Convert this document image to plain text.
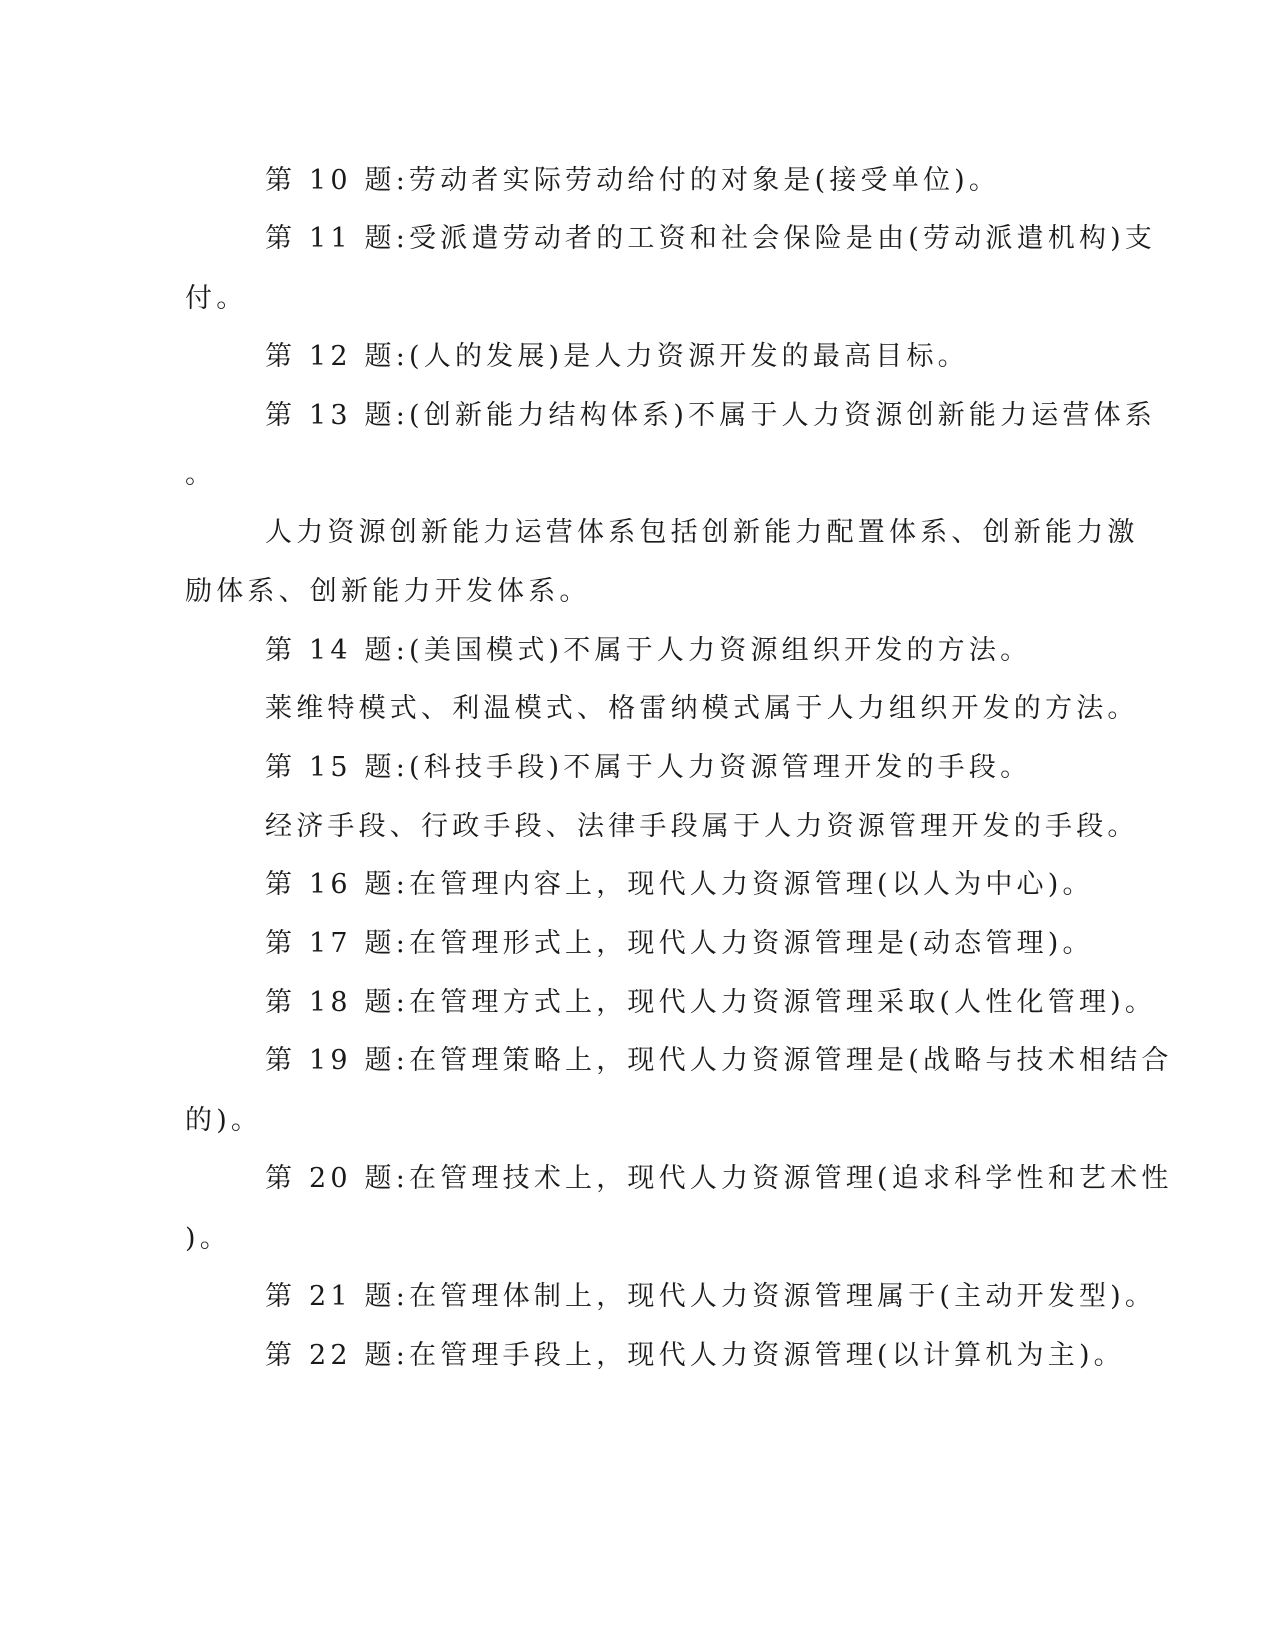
第 10 题:劳动者实际劳动给付的对象是(接受单位)。
第 11 题:受派遣劳动者的工资和社会保险是由(劳动派遣机构)支
付。
第 12 题:(人的发展)是人力资源开发的最高目标。
第 13 题:(创新能力结构体系)不属于人力资源创新能力运营体系
。
人力资源创新能力运营体系包括创新能力配置体系、创新能力激
励体系、创新能力开发体系。
第 14 题:(美国模式)不属于人力资源组织开发的方法。
莱维特模式、利温模式、格雷纳模式属于人力组织开发的方法。
第 15 题:(科技手段)不属于人力资源管理开发的手段。
经济手段、行政手段、法律手段属于人力资源管理开发的手段。
第 16 题:在管理内容上，现代人力资源管理(以人为中心)。
第 17 题:在管理形式上，现代人力资源管理是(动态管理)。
第 18 题:在管理方式上，现代人力资源管理采取(人性化管理)。
第 19 题:在管理策略上，现代人力资源管理是(战略与技术相结合
的)。
第 20 题:在管理技术上，现代人力资源管理(追求科学性和艺术性
)。
第 21 题:在管理体制上，现代人力资源管理属于(主动开发型)。
第 22 题:在管理手段上，现代人力资源管理(以计算机为主)。
